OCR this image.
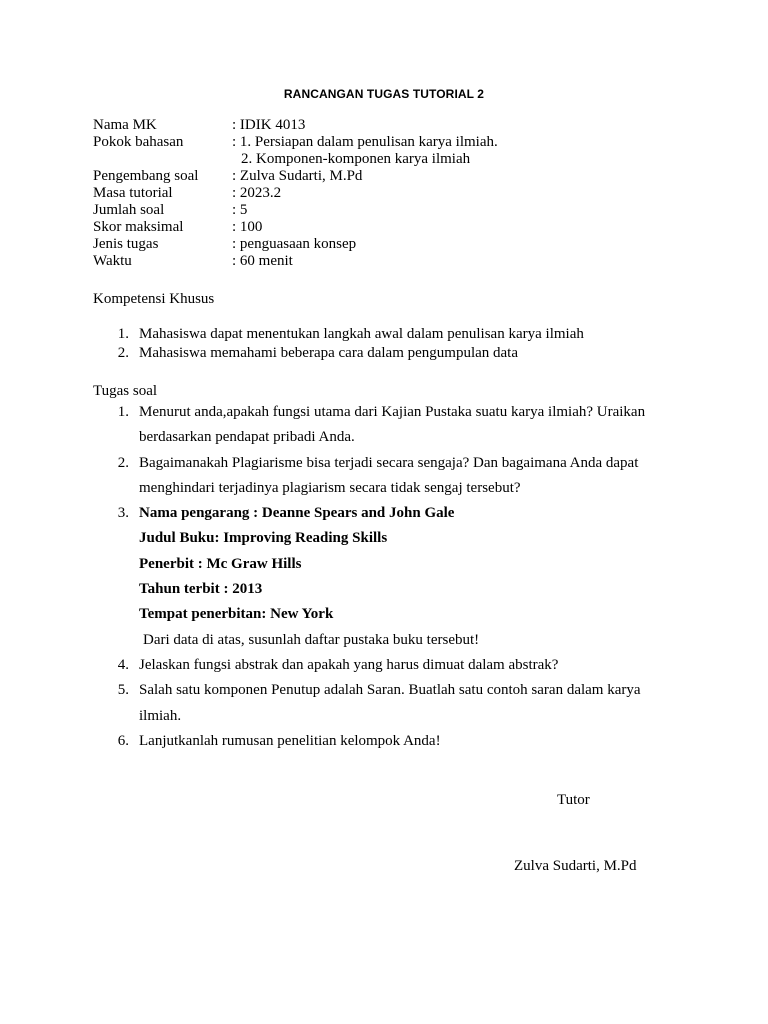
RANCANGAN TUGAS TUTORIAL 2
Nama MK	: IDIK 4013
Pokok bahasan	: 1. Persiapan dalam penulisan karya ilmiah.
2. Komponen-komponen karya ilmiah
Pengembang soal	: Zulva Sudarti, M.Pd
Masa tutorial	: 2023.2
Jumlah soal	: 5
Skor maksimal	: 100
Jenis tugas	: penguasaan konsep
Waktu	: 60 menit
Kompetensi Khusus
1. Mahasiswa dapat menentukan langkah awal dalam penulisan karya ilmiah
2. Mahasiswa memahami beberapa cara dalam pengumpulan data
Tugas soal
1. Menurut anda,apakah fungsi utama dari Kajian Pustaka suatu karya ilmiah? Uraikan
berdasarkan pendapat pribadi Anda.
2. Bagaimanakah Plagiarisme bisa terjadi secara sengaja? Dan bagaimana Anda dapat
menghindari terjadinya plagiarism secara tidak sengaj tersebut?
3. Nama pengarang : Deanne Spears and John Gale
Judul Buku: Improving Reading Skills
Penerbit : Mc Graw Hills
Tahun terbit : 2013
Tempat penerbitan: New York
Dari data di atas, susunlah daftar pustaka buku tersebut!
4. Jelaskan fungsi abstrak dan apakah yang harus dimuat dalam abstrak?
5. Salah satu komponen Penutup adalah Saran. Buatlah satu contoh saran dalam karya
ilmiah.
6. Lanjutkanlah rumusan penelitian kelompok Anda!
Tutor
Zulva Sudarti, M.Pd
